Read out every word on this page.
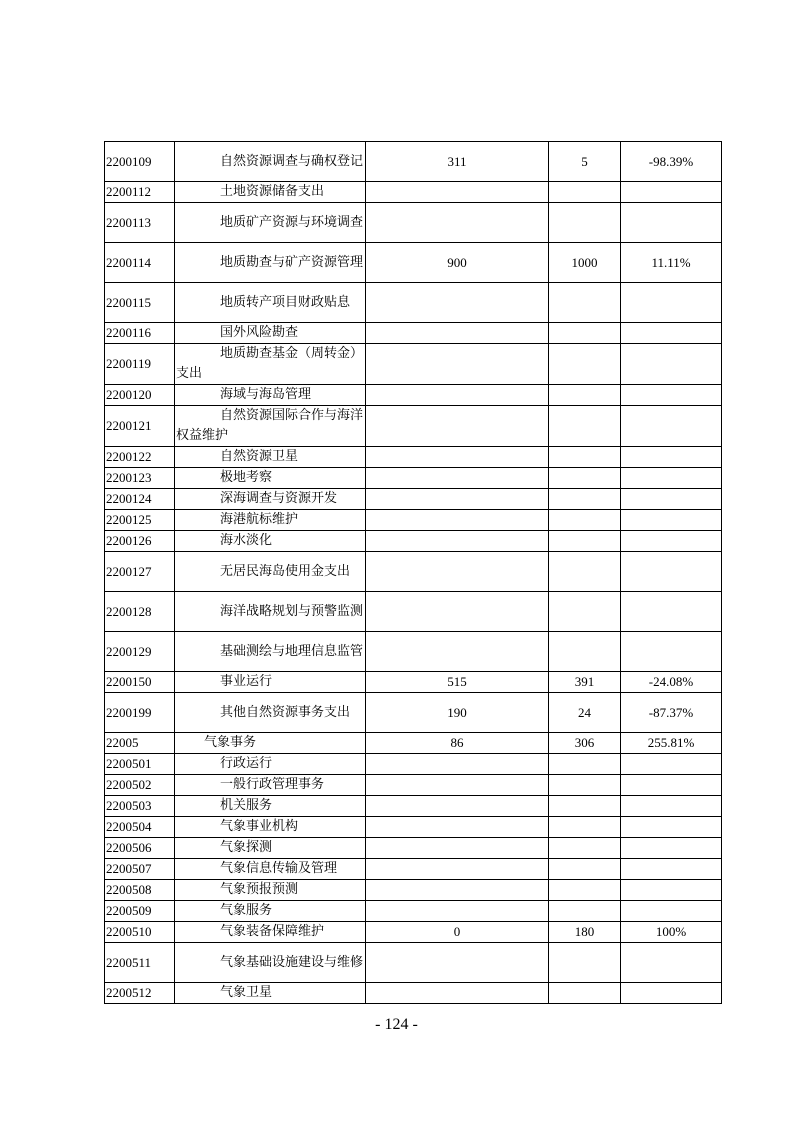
2200109	自然资源调查与确权登记	311	5	-98.39%
2200112	土地资源储备支出			

2200113	地质矿产资源与环境调查			

2200114	地质勘查与矿产资源管理	900	1000	11.11%
2200115	地质转产项目财政贴息			

2200116	国外风险勘查			

2200119	地质勘查基金（周转金）支出			

2200120	海域与海岛管理			

2200121	自然资源国际合作与海洋权益维护			

2200122	自然资源卫星			

2200123	极地考察			

2200124	深海调查与资源开发			

2200125	海港航标维护			

2200126	海水淡化			

2200127	无居民海岛使用金支出			

2200128	海洋战略规划与预警监测			

2200129	基础测绘与地理信息监管			

2200150	事业运行	515	391	-24.08%
2200199	其他自然资源事务支出	190	24	-87.37%
22005	气象事务	86	306	255.81%
2200501	行政运行			

2200502	一般行政管理事务			

2200503	机关服务			

2200504	气象事业机构			

2200506	气象探测			

2200507	气象信息传输及管理			

2200508	气象预报预测			

2200509	气象服务			

2200510	气象装备保障维护	0	180	100%
2200511	气象基础设施建设与维修			

2200512	气象卫星			

- 124 -
